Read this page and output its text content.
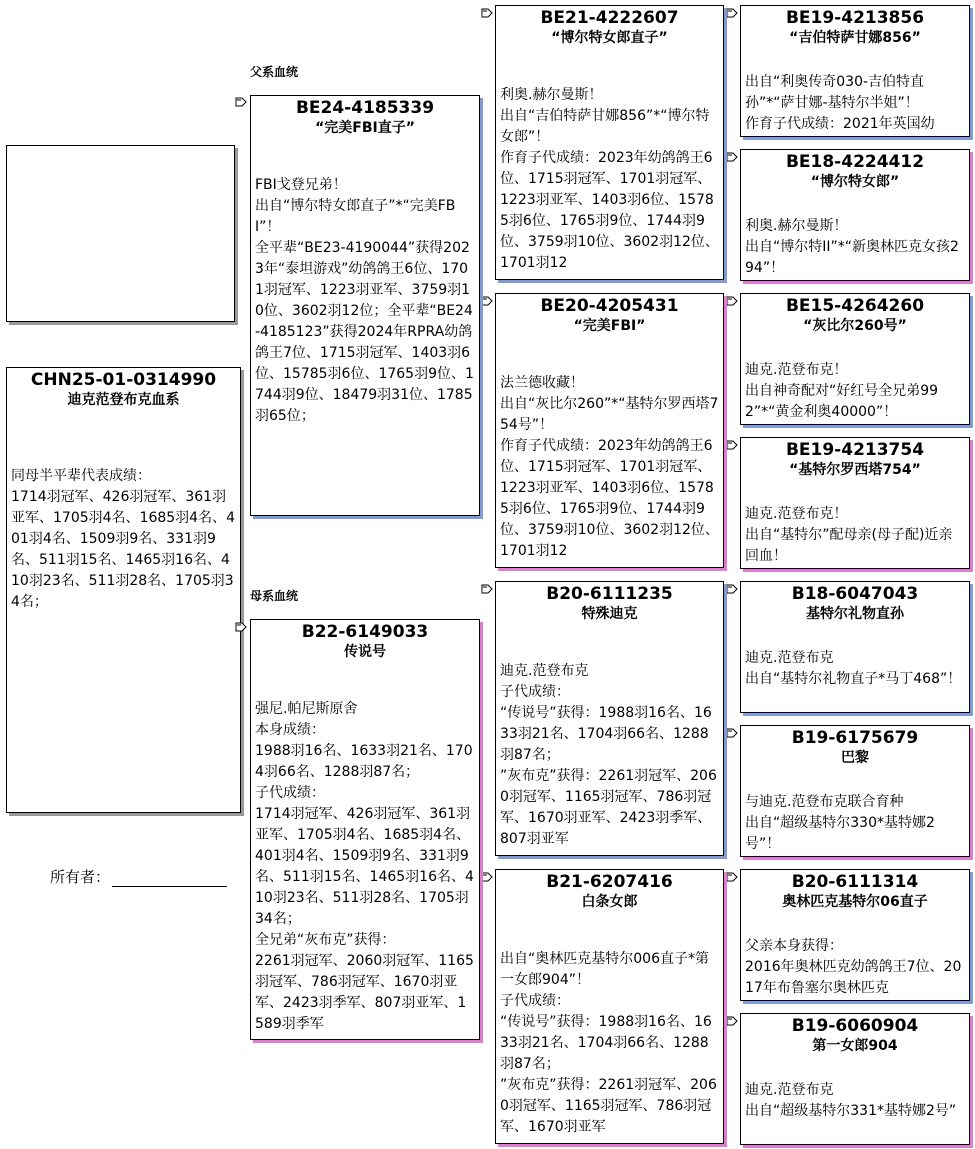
父系血统
母系血统
CHN25-01-0314990
迪克范登布克血系
同母半平辈代表成绩：
1714羽冠军、426羽冠军、361羽亚军、1705羽4名、1685羽4名、401羽4名、1509羽9名、331羽9名、511羽15名、1465羽16名、410羽23名、511羽28名、1705羽34名；
所有者：
BE24-4185339
“完美FBI直子”
FBI戈登兄弟！
出自“博尔特女郎直子”*“完美FBI”！
全平辈“BE23-4190044”获得2023年“泰坦游戏”幼鸽鸽王6位、1701羽冠军、1223羽亚军、3759羽10位、3602羽12位；全平辈“BE24-4185123”获得2024年RPRA幼鸽鸽王7位、1715羽冠军、1403羽6位、15785羽6位、1765羽9位、1744羽9位、18479羽31位、1785羽65位；
B22-6149033
传说号
强尼.帕尼斯原舍
本身成绩：
1988羽16名、1633羽21名、1704羽66名、1288羽87名；
子代成绩：
1714羽冠军、426羽冠军、361羽亚军、1705羽4名、1685羽4名、401羽4名、1509羽9名、331羽9名、511羽15名、1465羽16名、410羽23名、511羽28名、1705羽34名；
全兄弟“灰布克”获得：
2261羽冠军、2060羽冠军、1165羽冠军、786羽冠军、1670羽亚军、2423羽季军、807羽亚军、1589羽季军
BE21-4222607
“博尔特女郎直子”
利奥.赫尔曼斯！
出自“吉伯特萨甘娜856”*“博尔特女郎”！
作育子代成绩：2023年幼鸽鸽王6位、1715羽冠军、1701羽冠军、1223羽亚军、1403羽6位、15785羽6位、1765羽9位、1744羽9位、3759羽10位、3602羽12位、1701羽12
BE20-4205431
“完美FBI”
法兰德收藏！
出自“灰比尔260”*“基特尔罗西塔754号”！
作育子代成绩：2023年幼鸽鸽王6位、1715羽冠军、1701羽冠军、1223羽亚军、1403羽6位、15785羽6位、1765羽9位、1744羽9位、3759羽10位、3602羽12位、1701羽12
B20-6111235
特殊迪克
迪克.范登布克
子代成绩：
“传说号”获得：1988羽16名、1633羽21名、1704羽66名、1288羽87名；
”灰布克”获得：2261羽冠军、2060羽冠军、1165羽冠军、786羽冠军、1670羽亚军、2423羽季军、807羽亚军
B21-6207416
白条女郎
出自“奥林匹克基特尔006直子*第一女郎904”！
子代成绩：
“传说号”获得：1988羽16名、1633羽21名、1704羽66名、1288羽87名；
”灰布克”获得：2261羽冠军、2060羽冠军、1165羽冠军、786羽冠军、1670羽亚军
BE19-4213856
“吉伯特萨甘娜856”
出自“利奥传奇030-吉伯特直孙”*“萨甘娜-基特尔半姐”！
作育子代成绩：2021年英国幼
BE18-4224412
“博尔特女郎”
利奥.赫尔曼斯！
出自“博尔特II”*“新奥林匹克女孩294”！
BE15-4264260
“灰比尔260号”
迪克.范登布克！
出自神奇配对“好红号全兄弟992”*“黄金利奥40000”！
BE19-4213754
“基特尔罗西塔754”
迪克.范登布克！
出自“基特尔”配母亲(母子配)近亲回血！
B18-6047043
基特尔礼物直孙
迪克.范登布克
出自“基特尔礼物直子*马丁468”！
B19-6175679
巴黎
与迪克.范登布克联合育种
出自“超级基特尔330*基特娜2号”！
B20-6111314
奥林匹克基特尔06直子
父亲本身获得：
2016年奥林匹克幼鸽鸽王7位、2017年布鲁塞尔奥林匹克
B19-6060904
第一女郎904
迪克.范登布克
出自“超级基特尔331*基特娜2号”
